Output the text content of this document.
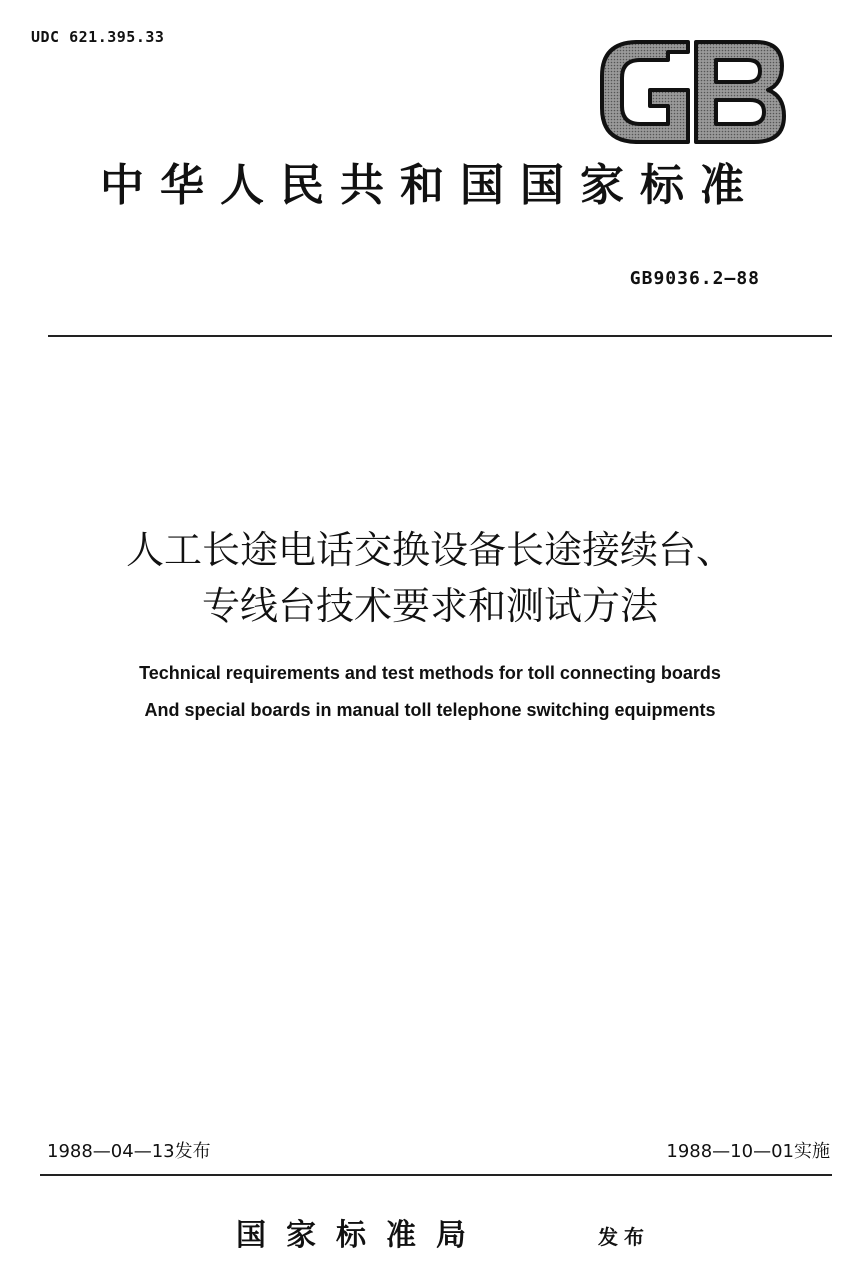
UDC 621.395.33
中华人民共和国国家标准
GB9036.2—88
人工长途电话交换设备长途接续台、
专线台技术要求和测试方法
Technical requirements and test methods for toll connecting boards
And special boards in manual toll telephone switching equipments
1988—04—13发布	1988—10—01实施
国家标准局	发布
